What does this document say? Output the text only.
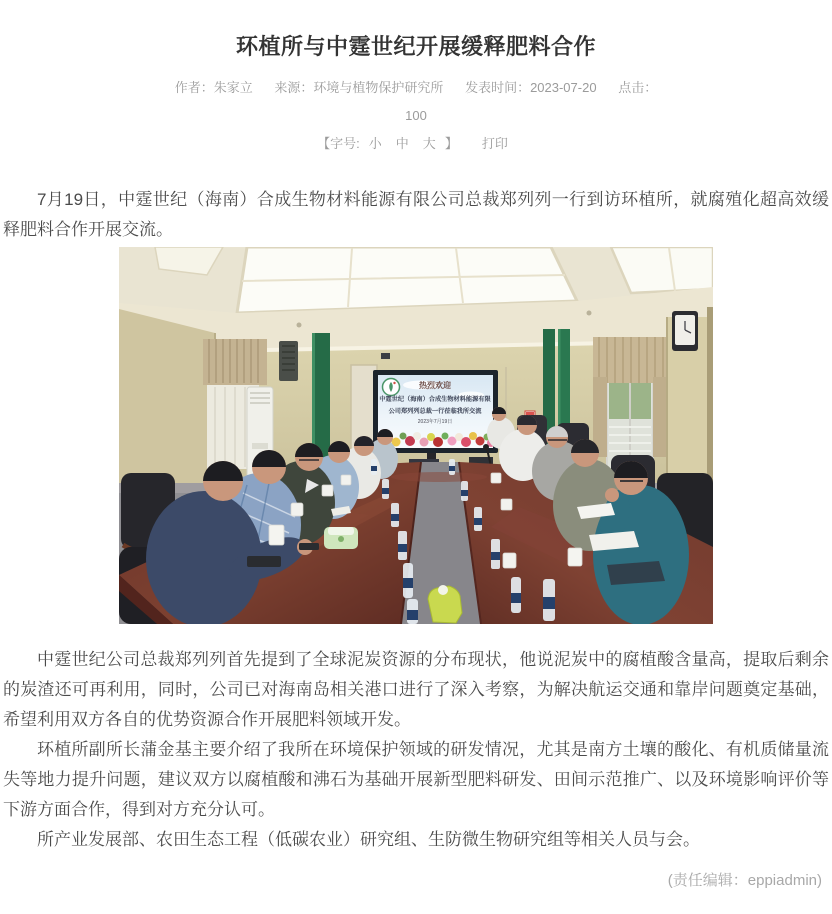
环植所与中霆世纪开展缓释肥料合作
作者：朱家立 来源：环境与植物保护研究所 发表时间：2023-07-20 点击：
100
【字号: 小 中 大 】 打印

7月19日，中霆世纪（海南）合成生物材料能源有限公司总裁郑列列一行到访环植所，就腐殖化超高效缓释肥料合作开展交流。

热烈欢迎
中霆世纪（海南）合成生物材料能源有限
公司郑列列总裁一行莅临我所交流
2023年7月19日

中霆世纪公司总裁郑列列首先提到了全球泥炭资源的分布现状，他说泥炭中的腐植酸含量高，提取后剩余的炭渣还可再利用，同时，公司已对海南岛相关港口进行了深入考察，为解决航运交通和靠岸问题奠定基础，希望利用双方各自的优势资源合作开展肥料领域开发。

环植所副所长蒲金基主要介绍了我所在环境保护领域的研发情况，尤其是南方土壤的酸化、有机质储量流失等地力提升问题，建议双方以腐植酸和沸石为基础开展新型肥料研发、田间示范推广、以及环境影响评价等下游方面合作，得到对方充分认可。

所产业发展部、农田生态工程（低碳农业）研究组、生防微生物研究组等相关人员与会。

(责任编辑：eppiadmin)
